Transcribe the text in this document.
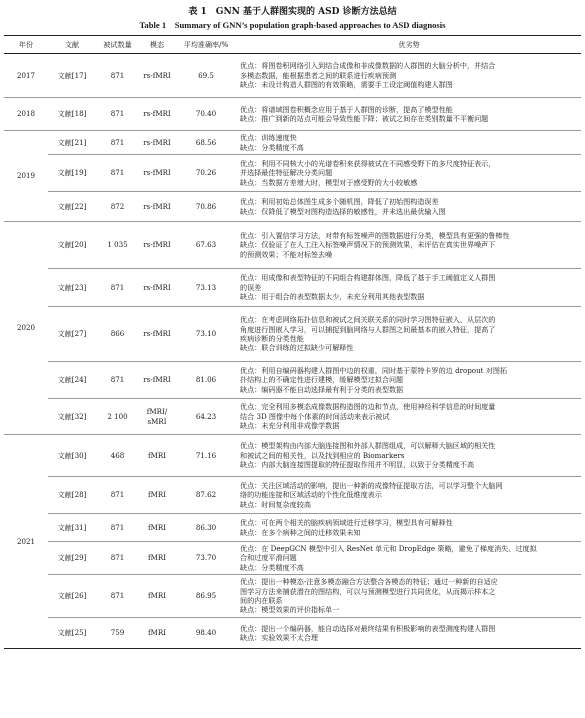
表 1　GNN 基于人群图实现的 ASD 诊断方法总结
Table 1　Summary of GNN’s population graph-based approaches to ASD diagnosis
年份	文献	被试数量	模态	平均准确率/%	优劣势
2017	文献[17]	871	rs-fMRI	69.5	优点：将图卷积网络引入到结合成像和非成像数据的人群图的大脑分析中，并结合
多模态数据，能根据患者之间的联系进行疾病预测
缺点：未设计构造人群图的有效策略，需要手工设定阈值构建人群图

2018	文献[18]	871	rs-fMRI	70.40	优点：将谱域图卷积概念应用于基于人群图的诊断，提高了模型性能
缺点：推广到新的站点可能会导致性能下降；被试之间存在类别数量不平衡问题

2019	文献[21]	871	rs-fMRI	68.56	优点：训练速度快
缺点：分类精度不高

	文献[19]	871	rs-fMRI	70.26	优点：利用不同核大小的光谱卷积来获得被试在不同感受野下的多尺度特征表示，
并选择最佳特征解决分类问题
缺点：当数据方差增大时，模型对于感受野的大小较敏感

	文献[22]	872	rs-fMRI	70.86	优点：利用初始总体图生成多个随机图，降低了初始图构造误差
缺点：仅降低了模型对图构造选择的敏感性，并未选出最优输入图

2020	文献[20]	1 035	rs-fMRI	67.63	优点：引入置信学习方法，对带有标签噪声的图数据进行分类，模型具有更强的鲁棒性
缺点：仅验证了在人工注入标签噪声情况下的预测效果，未评估在真实世界噪声下
的预测效果；不能对标签去噪

	文献[23]	871	rs-fMRI	73.13	优点：用成像和表型特征的不同组合构建群体图，降低了基于手工阈值定义人群图
的误差
缺点：用于组合的表型数据太少，未充分利用其他表型数据

	文献[27]	866	rs-fMRI	73.10	优点：在考虑网络拓扑信息和被试之间关联关系的同时学习图特征嵌入，从层次的
角度进行图嵌入学习，可以捕捉到脑网络与人群图之间最基本的嵌入特征，提高了
疾病诊断的分类性能
缺点：联合训练的过拟缺少可解释性

	文献[24]	871	rs-fMRI	81.06	优点：利用自编码器构建人群图中边的权重，同时基于蒙特卡罗的边 dropout 对图拓
扑结构上的不确定性进行建模，缓解模型过拟合问题
缺点：编码器不能自动选择最有利于分类的表型数据

	文献[32]	2 100	fMRI/
sMRI	64.23	优点：完全利用多模态成像数据构造图的边和节点，使用神经科学信息的时间度量
结合 3D 图像中每个体素的时间活动来表示被试
缺点：未充分利用非成像学数据

2021	文献[30]	468	fMRI	71.16	优点：模型架构由内部大脑连接图和外部人群图组成，可以解释大脑区域的相关性
和被试之间的相关性，以及找到相应的 Biomarkers
缺点：内部大脑连接图提取的特征提取作用并不明显，以致于分类精度不高

	文献[28]	871	fMRI	87.62	优点：关注区域活动的影响，提出一种新的成像特征提取方法，可以学习整个大脑网
络的功能连接和区域活动的个性化低维度表示
缺点：时间复杂度较高

	文献[31]	871	fMRI	86.30	优点：可在两个相关的脑疾病领域进行迁移学习，模型具有可解释性
缺点：在多个病种之间的迁移效果未知

	文献[29]	871	fMRI	73.70	优点：在 DeepGCN 模型中引入 ResNet 单元和 DropEdge 策略，避免了梯度消失、过度拟
合和过度平滑问题
缺点：分类精度不高

	文献[26]	871	fMRI	86.95	优点：提出一种模态-注意多模态融合方法整合各模态的特征；通过一种新的自适应
图学习方法来捕获潜在的图结构，可以与预测模型进行共同优化，从而揭示样本之
间的内在联系
缺点：模型效果的评价指标单一

	文献[25]	759	fMRI	98.40	优点：提出一个编码器，能自动选择对最终结果有积极影响的表型测度构建人群图
缺点：实验效果不太合理
